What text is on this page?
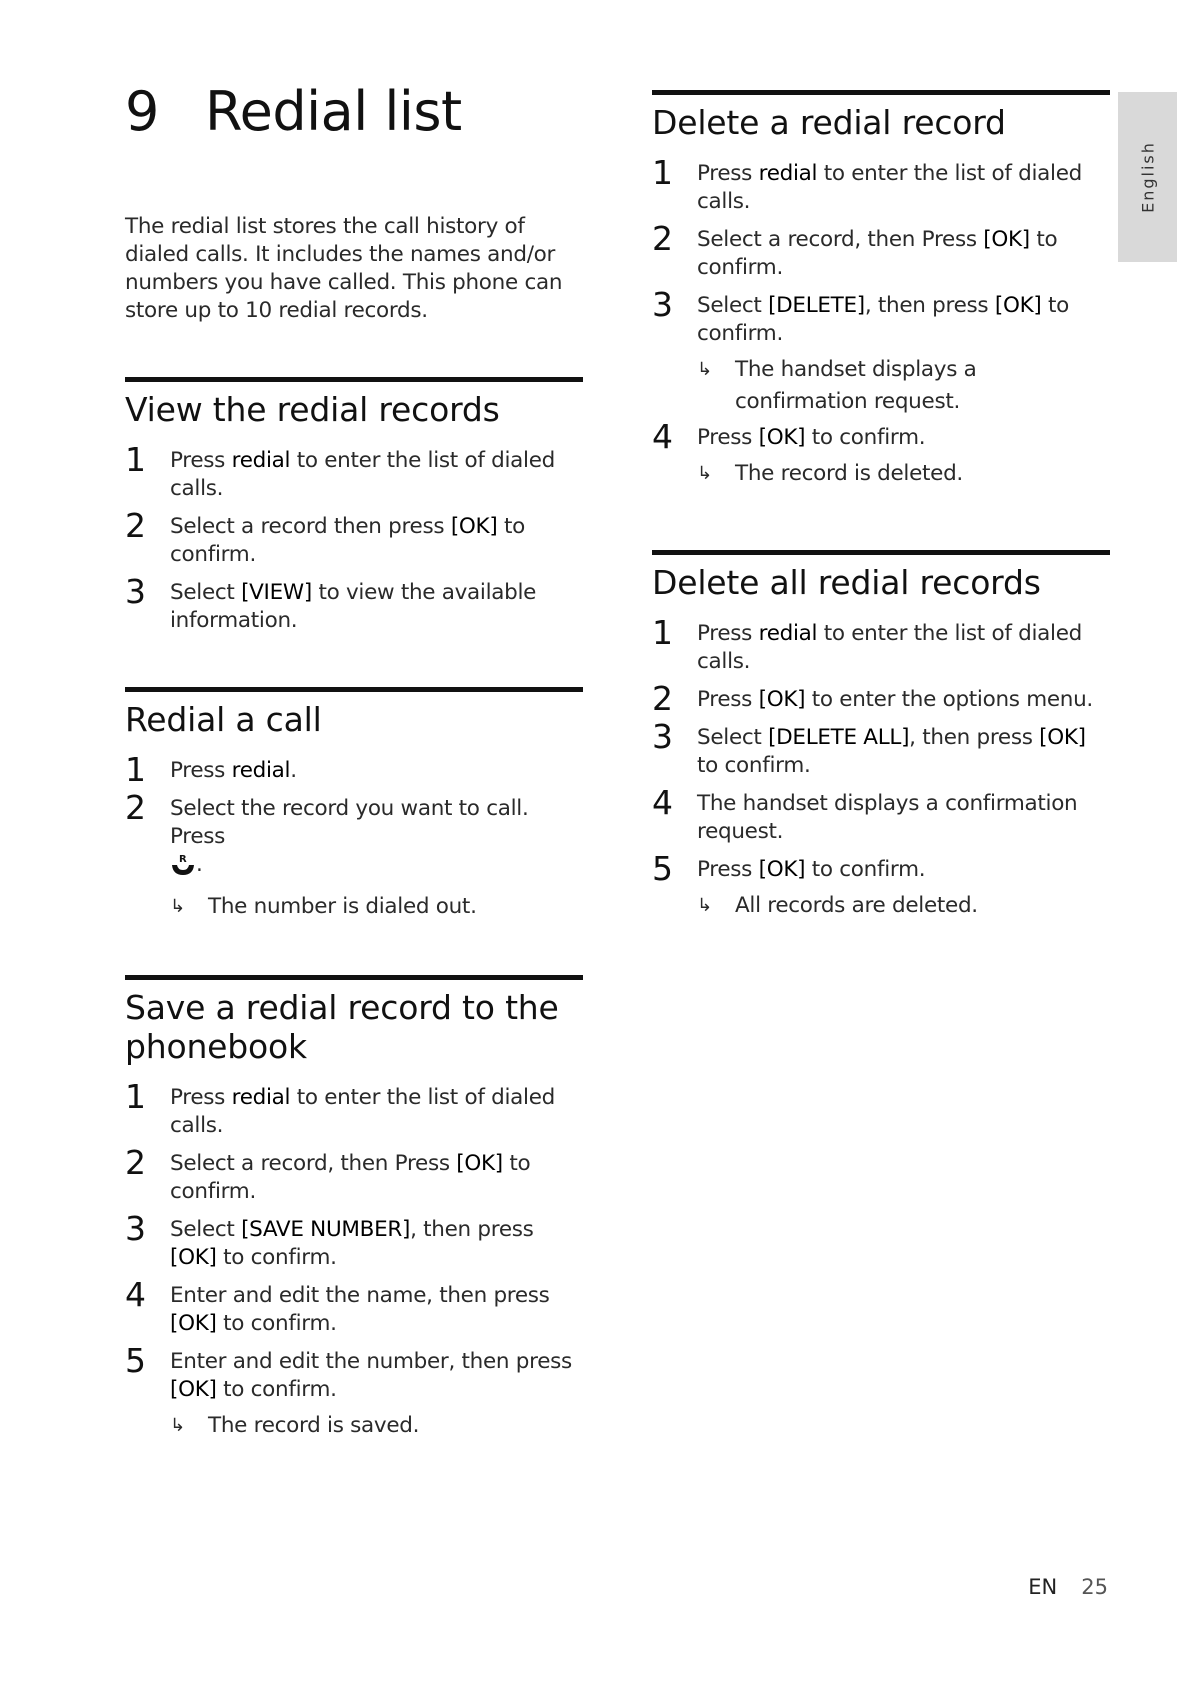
English
9 Redial list

The redial list stores the call history of dialed calls. It includes the names and/or numbers you have called. This phone can store up to 10 redial records.

View the redial records
1	Press redial to enter the list of dialed calls.
2	Select a record then press [OK] to confirm.
3	Select [VIEW] to view the available information.
Redial a call
1	Press redial.
2	Select the record you want to call. Press

R .
↳	The number is dialed out.
Save a redial record to the phonebook
1	Press redial to enter the list of dialed calls.
2	Select a record, then Press [OK] to confirm.
3	Select [SAVE NUMBER], then press [OK] to confirm.
4	Enter and edit the name, then press [OK] to confirm.
5	Enter and edit the number, then press [OK] to confirm.
↳	The record is saved.
Delete a redial record
1	Press redial to enter the list of dialed calls.
2	Select a record, then Press [OK] to confirm.
3	Select [DELETE], then press [OK] to confirm.
↳	The handset displays a confirmation request.
4	Press [OK] to confirm.
↳	The record is deleted.
Delete all redial records
1	Press redial to enter the list of dialed calls.
2	Press [OK] to enter the options menu.
3	Select [DELETE ALL], then press [OK] to confirm.
4	The handset displays a confirmation request.
5	Press [OK] to confirm.
↳	All records are deleted.
EN 25
